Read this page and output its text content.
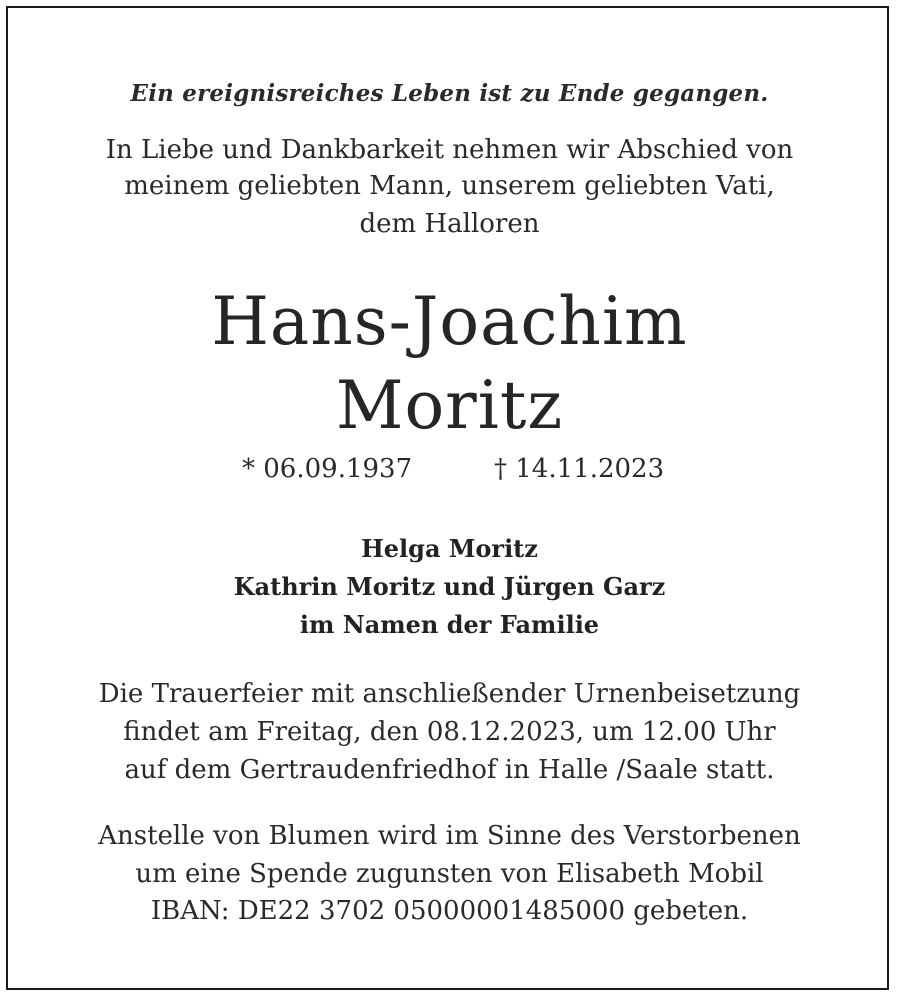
Ein ereignisreiches Leben ist zu Ende gegangen.
In Liebe und Dankbarkeit nehmen wir Abschied von
meinem geliebten Mann, unserem geliebten Vati,
dem Halloren
Hans-Joachim
Moritz
* 06.09.1937	† 14.11.2023
Helga Moritz
Kathrin Moritz und Jürgen Garz
im Namen der Familie
Die Trauerfeier mit anschließender Urnenbeisetzung
findet am Freitag, den 08.12.2023, um 12.00 Uhr
auf dem Gertraudenfriedhof in Halle /Saale statt.
Anstelle von Blumen wird im Sinne des Verstorbenen
um eine Spende zugunsten von Elisabeth Mobil
IBAN: DE22 3702 05000001485000 gebeten.
